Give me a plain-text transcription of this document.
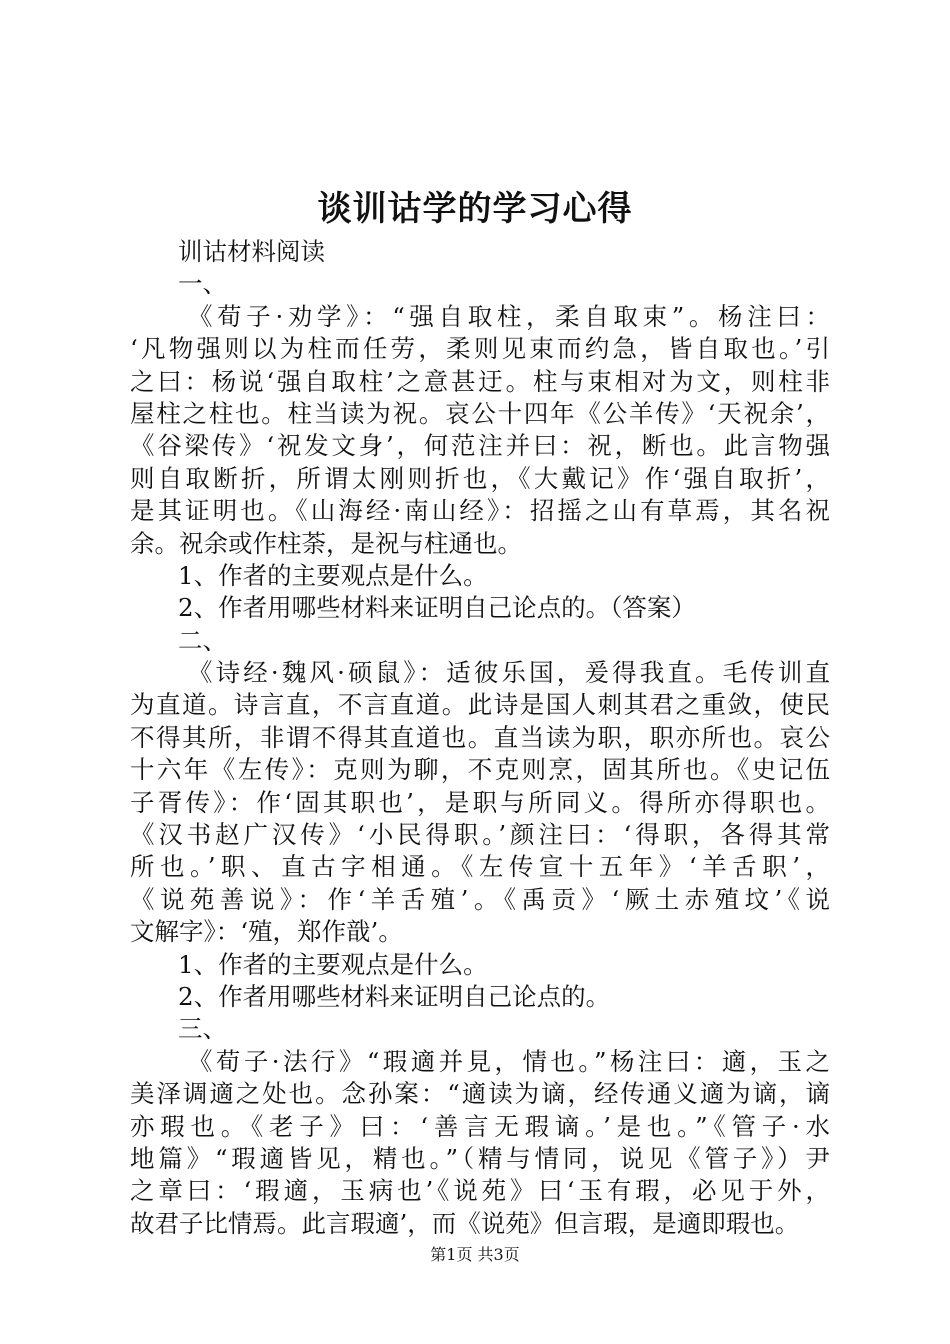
谈训诂学的学习心得
训诂材料阅读
一、
《荀子·劝学》：“强自取柱，柔自取束”。杨注曰：
‘凡物强则以为柱而任劳，柔则见束而约急，皆自取也。’引
之曰：杨说‘强自取柱’之意甚迂。柱与束相对为文，则柱非
屋柱之柱也。柱当读为祝。哀公十四年《公羊传》‘天祝余’，
《谷梁传》‘祝发文身’，何范注并曰：祝，断也。此言物强
则自取断折，所谓太刚则折也，《大戴记》作‘强自取折’，
是其证明也。《山海经·南山经》：招摇之山有草焉，其名祝
余。祝余或作柱荼，是祝与柱通也。
1、作者的主要观点是什么。
2、作者用哪些材料来证明自己论点的。（答案）
二、
《诗经·魏风·硕鼠》：适彼乐国，爰得我直。毛传训直
为直道。诗言直，不言直道。此诗是国人刺其君之重敛，使民
不得其所，非谓不得其直道也。直当读为职，职亦所也。哀公
十六年《左传》：克则为聊，不克则烹，固其所也。《史记伍
子胥传》：作‘固其职也’，是职与所同义。得所亦得职也。
《汉书赵广汉传》‘小民得职。’颜注曰：‘得职，各得其常
所也。’职、直古字相通。《左传宣十五年》‘羊舌职’，
《说苑善说》：作‘羊舌殖’。《禹贡》‘厥土赤殖坟’《说
文解字》：‘殖，郑作戠’。
1、作者的主要观点是什么。
2、作者用哪些材料来证明自己论点的。
三、
《荀子·法行》“瑕適并見，情也。”杨注曰：適，玉之
美泽调適之处也。念孙案：“適读为谪，经传通义適为谪，谪
亦瑕也。《老子》曰：‘善言无瑕谪。’是也。”《管子·水
地篇》“瑕適皆见，精也。”（精与情同，说见《管子》）尹
之章曰：‘瑕適，玉病也’《说苑》曰‘玉有瑕，必见于外，
故君子比情焉。此言瑕適’，而《说苑》但言瑕，是適即瑕也。
第1页 共3页
